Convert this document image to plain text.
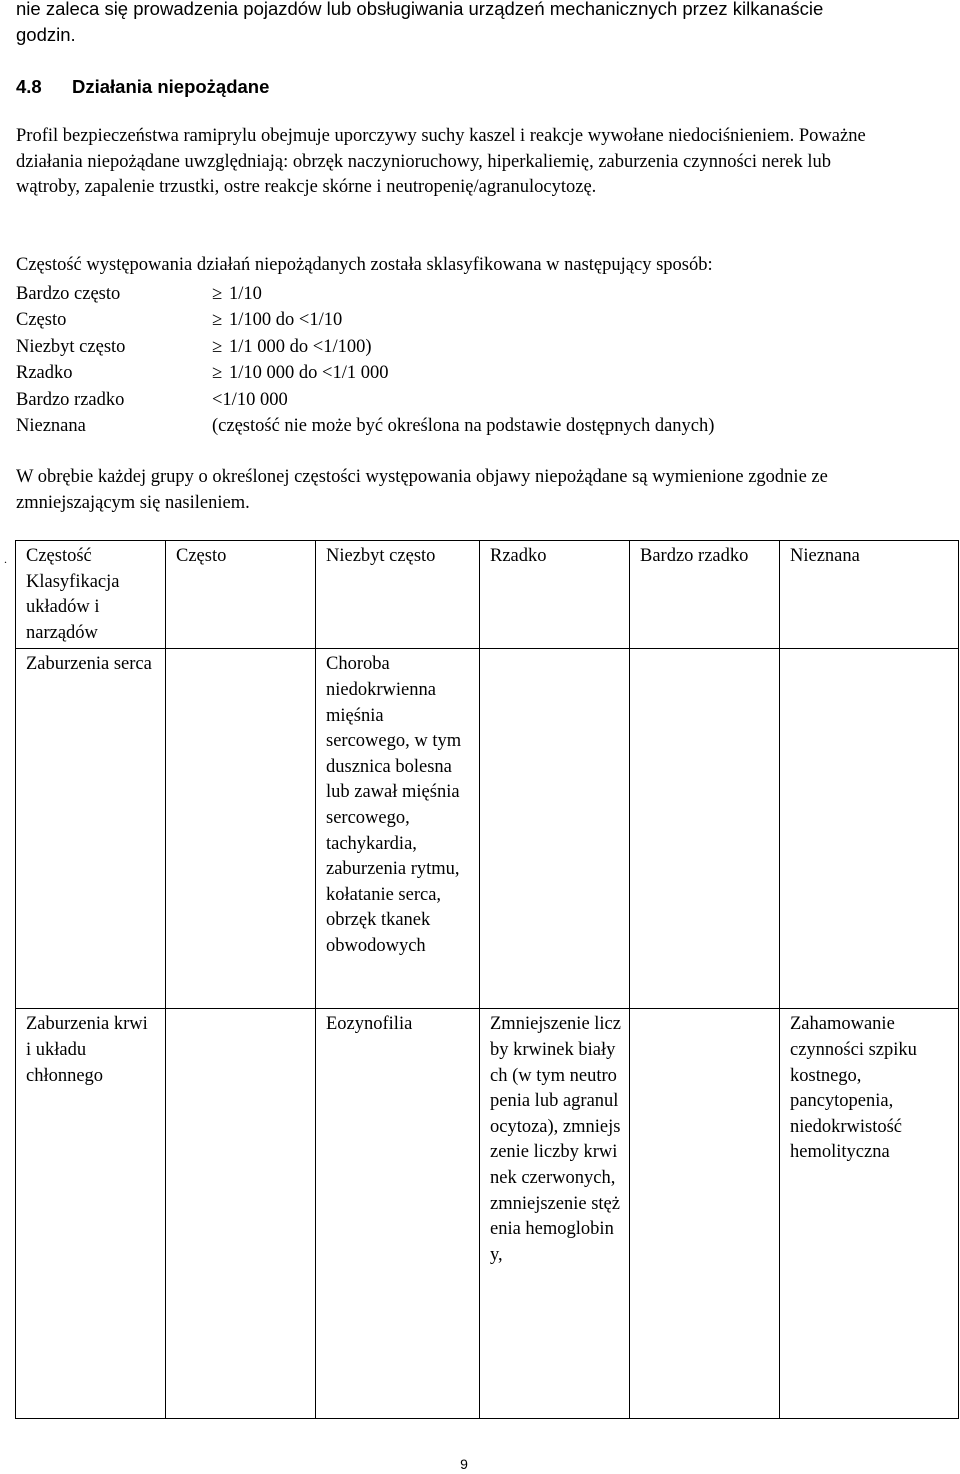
nie zaleca się prowadzenia pojazdów lub obsługiwania urządzeń mechanicznych przez kilkanaście
godzin.
4.8 Działania niepożądane
Profil bezpieczeństwa ramiprylu obejmuje uporczywy suchy kaszel i reakcje wywołane niedociśnieniem. Poważne działania niepożądane uwzględniają: obrzęk naczynioruchowy, hiperkaliemię, zaburzenia czynności nerek lub wątroby, zapalenie trzustki, ostre reakcje skórne i neutropenię/agranulocytozę.
Częstość występowania działań niepożądanych została sklasyfikowana w następujący sposób:
Bardzo często	≥ 1/10
Często	≥ 1/100 do <1/10
Niezbyt często	≥ 1/1 000 do <1/100)
Rzadko	≥ 1/10 000 do <1/1 000
Bardzo rzadko	<1/10 000
Nieznana	(częstość nie może być określona na podstawie dostępnych danych)
W obrębie każdej grupy o określonej częstości występowania objawy niepożądane są wymienione zgodnie ze zmniejszającym się nasileniem.
. Częstość
Klasyfikacja układów i narządów	Często	Niezbyt często	Rzadko	Bardzo rzadko	Nieznana
Zaburzenia serca		Choroba niedokrwienna mięśnia sercowego, w tym dusznica bolesna lub zawał mięśnia sercowego, tachykardia, zaburzenia rytmu, kołatanie serca, obrzęk tkanek obwodowych			
Zaburzenia krwi i układu chłonnego		Eozynofilia	Zmniejszenie liczby krwinek białych (w tym neutropenia lub agranulocytoza), zmniejszenie liczby krwinek czerwonych, zmniejszenie stężenia hemoglobiny,		Zahamowanie czynności szpiku kostnego, pancytopenia, niedokrwistość hemolityczna
9
